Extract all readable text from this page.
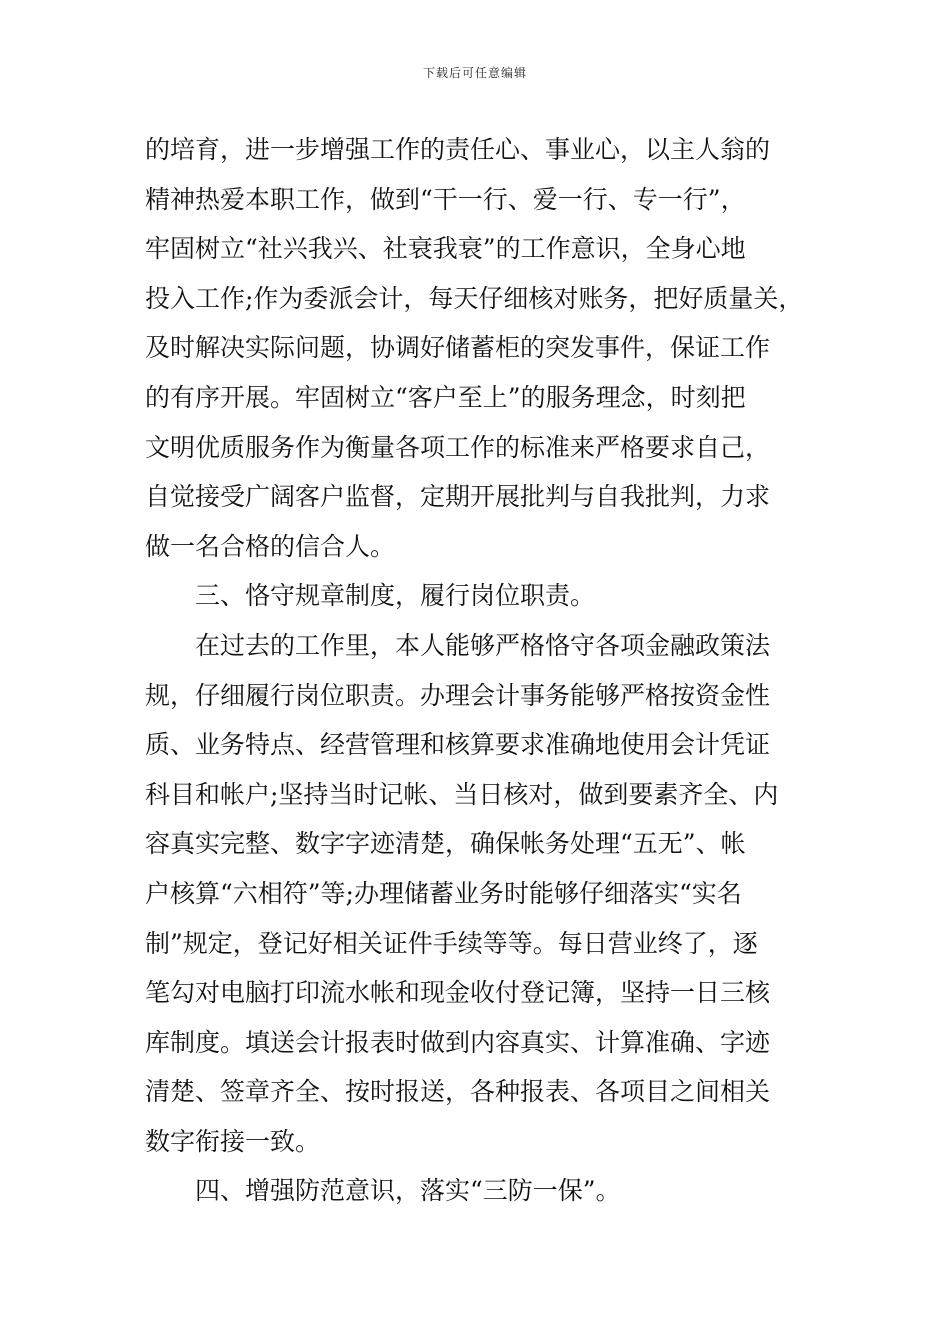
下载后可任意编辑
的培育，进一步增强工作的责任心、事业心，以主人翁的
精神热爱本职工作，做到“干一行、爱一行、专一行”，
牢固树立“社兴我兴、社衰我衰”的工作意识，全身心地
投入工作;作为委派会计，每天仔细核对账务，把好质量关，
及时解决实际问题，协调好储蓄柜的突发事件，保证工作
的有序开展。牢固树立“客户至上”的服务理念，时刻把
文明优质服务作为衡量各项工作的标准来严格要求自己，
自觉接受广阔客户监督，定期开展批判与自我批判，力求
做一名合格的信合人。
三、恪守规章制度，履行岗位职责。
在过去的工作里，本人能够严格恪守各项金融政策法
规，仔细履行岗位职责。办理会计事务能够严格按资金性
质、业务特点、经营管理和核算要求准确地使用会计凭证
科目和帐户;坚持当时记帐、当日核对，做到要素齐全、内
容真实完整、数字字迹清楚，确保帐务处理“五无”、帐
户核算“六相符”等;办理储蓄业务时能够仔细落实“实名
制”规定，登记好相关证件手续等等。每日营业终了，逐
笔勾对电脑打印流水帐和现金收付登记簿，坚持一日三核
库制度。填送会计报表时做到内容真实、计算准确、字迹
清楚、签章齐全、按时报送，各种报表、各项目之间相关
数字衔接一致。
四、增强防范意识，落实“三防一保”。
